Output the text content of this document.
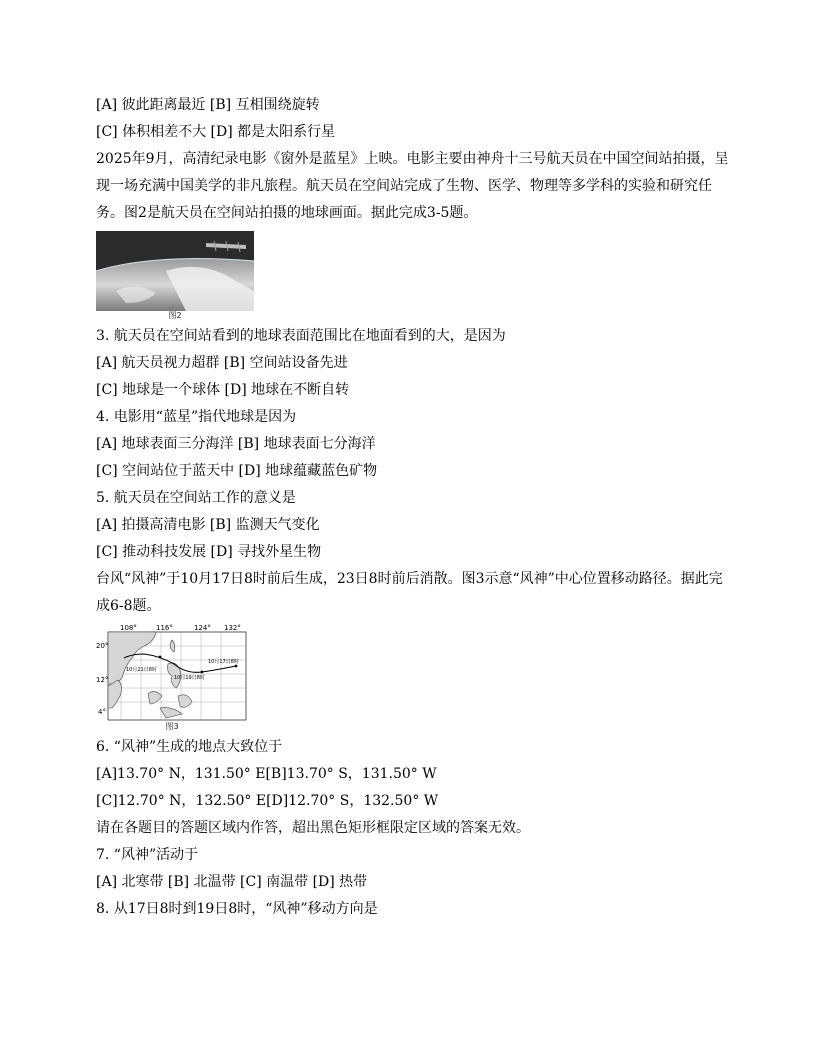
[A] 彼此距离最近 [B] 互相围绕旋转
[C] 体积相差不大 [D] 都是太阳系行星
2025年9月，高清纪录电影《窗外是蓝星》上映。电影主要由神舟十三号航天员在中国空间站拍摄，呈现一场充满中国美学的非凡旅程。航天员在空间站完成了生物、医学、物理等多学科的实验和研究任务。图2是航天员在空间站拍摄的地球画面。据此完成3-5题。
图2
3. 航天员在空间站看到的地球表面范围比在地面看到的大，是因为
[A] 航天员视力超群 [B] 空间站设备先进
[C] 地球是一个球体 [D] 地球在不断自转
4. 电影用“蓝星”指代地球是因为
[A] 地球表面三分海洋 [B] 地球表面七分海洋
[C] 空间站位于蓝天中 [D] 地球蕴藏蓝色矿物
5. 航天员在空间站工作的意义是
[A] 拍摄高清电影 [B] 监测天气变化
[C] 推动科技发展 [D] 寻找外星生物
台风“风神”于10月17日8时前后生成，23日8时前后消散。图3示意“风神”中心位置移动路径。据此完成6-8题。
108°	116°	124° 132°
20°
12°
4°
10月17日8时
10月19日8时
10月21日8时
图3
6. “风神”生成的地点大致位于
[A]13.70° N，131.50° E[B]13.70° S，131.50° W
[C]12.70° N，132.50° E[D]12.70° S，132.50° W
请在各题目的答题区域内作答，超出黑色矩形框限定区域的答案无效。
7. “风神”活动于
[A] 北寒带 [B] 北温带 [C] 南温带 [D] 热带
8. 从17日8时到19日8时，“风神”移动方向是
